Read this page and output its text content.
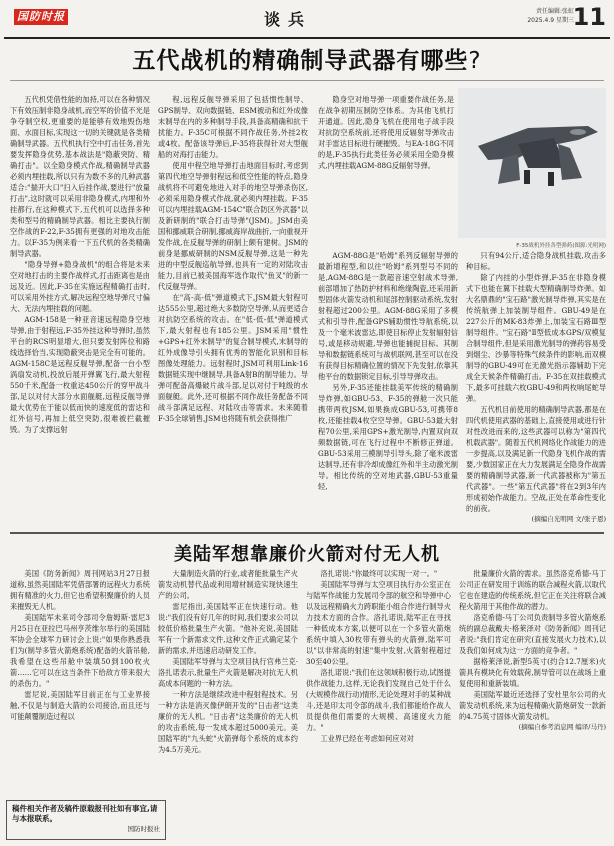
国防时报	谈兵	责任编辑:张虹
2025.4.9 星期三
11
五代战机的精确制导武器有哪些?

五代机凭借性能的加持,可以在各种情况下有效压制非隐身战机,而空军的价值不光是争夺制空权,更重要的是能够有效地毁伤地面、水面目标,实现这一切的关键就是各类精确制导武器。五代机执行空中打击任务,首先要发挥隐身优势,基本战法是"隐蔽突防、精确打击"。以全隐身模式作战,精确制导武器必须内埋挂载,所以只有为数不多的几种武器适合:"揣开大口"扫入后挂作战,要进行"放量打击",这时就可以采用非隐身模式,内埋和外挂都行,在这种模式下,五代机可以选择多种类和型号的精确制导武器。相比主要执行制空作战的F-22,F-35拥有更强的对地攻击能力。以F-35为例来看一下五代机的各类精确制导武器。

"隐身导弹+隐身战机"的组合将是未来空对地打击的主要作战样式,打击距离也是由远及近。因此,F-35在实施远程精确打击时,可以采用外挂方式,解决远程空地导弹尺寸偏大、无法内埋挂载的问题。

AGM-158是一种亚音速远程隐身空地导弹,由于射程远,F-35外挂这种导弹时,虽然平台的RCS明显增大,但只要发射阵位和路线选择恰当,实现隐蔽突击是完全有可能的。AGM-158C是远程反舰导弹,配备一台小型涡扇发动机,投放后展开弹翼飞行,最大射程550千米,配备一枚重达450公斤的穿甲战斗部,足以对付大部分水面舰艇,远程反舰导弹最大优势在于能以低而快的速度低的雷达和红外信号,再加上低空突防,很难被拦截摧毁。为了支撑远射

程,远程反舰导弹采用了包括惯性制导、GPS制导、双向数据链、ESM被动和红外成像末制导在内的多种制导手段,具备高精确和抗干扰能力。F-35C可根据不同作战任务,外挂2枚或4枚。配备该导弹后,F-35将获得针对大型舰船的对海打击能力。

使用中程空地导弹打击地面目标时,考虑到第四代地空导弹射程远和低空性能的特点,隐身战机将不可避免地进入对手的地空导弹杀伤区,必须采用隐身模式作战,就必须内埋挂载。F-35可以内埋挂载AGM-154C"联合防区外武器"以及新研制的"联合打击导弹"(JSM)。JSM由美国和挪威联合研制,挪威海岸战曲折,一向重视开发作战,在反舰导弹的研制上颇有建树。JSM的前身是挪威研制的NSM反舰导弹,这是一种先进的中型反舰巡航导弹,也具有一定的对陆攻击能力,目前已被美国海军选作取代"鱼叉"的新一代反舰导弹。

在"高-高-低"弹道模式下,JSM最大射程可达555公里,超过绝大多数防空导弹,从而更适合对抗防空系统的攻击。在"低-低-低"弹道模式下,最大射程也有185公里。JSM采用"惯性+GPS+红外末制导"的复合制导模式,末制导的红外成像导引头拥有优秀的智能化识别和目标图像处理能力。远射程时,JSM可利用Link-16数据链实现中继制导,具备A射B的制导能力。导弹可配备高爆破片战斗部,足以对付于吨级的水面舰艇。此外,还可根据不同作战任务配备不同战斗部满足远程、对陆攻击等需求。未来随着F-35全球销售,JSM也将随有机会获得推广

隐身空对地导弹一项重要作战任务,是在战争初期压制防空体系。为其他飞机打开通道。因此,隐身飞机在使用电子战手段对抗防空系统前,还将使用反辐射导弹攻击对手雷达目标进行硬摧毁。与EA-18G不同的是,F-35执行此类任务必须采用全隐身模式,内埋挂载AGM-88G反辐射导弹。

F-35战机外挂各型弹药(图源:光明网)

AGM-88G是"哈姆"系列反辐射导弹的最新增程型,和以往"哈姆"系列型号不同的是,AGM-88G是一款超音速空射战术导弹,前部增加了热防护材料和绝缘陶瓷,还采用新型固体火箭发动机和尾部控制驱动系统,发射射程超过200公里。AGM-88G采用了多模式和引导件,配备GPS辅助惯性导航系统,以及一个毫米波雷达,即使目标停止发射辐射信号,或是移动规避,导弹也能捕捉目标。其制导和数据链系统可与战机联网,甚至可以在没有获得目标精确位置的情况下先发射,依靠其他平台的数据锁定目标,引导导弹攻击。

另外,F-35还能挂载美军传统的精确制导炸弹,如GBU-53、F-35的弹舱一次只能携带两枚JSM,如果换成GBU-53,可携带8枚,还能挂载4枚空空导弹。GBU-53最大射程70公里,采用GPS+激光制导,内置双向双频数据链,可在飞行过程中不断修正弹道。GBU-53采用三模制导引导头,除了毫米波雷达制导,还有非冷却成像红外和半主动激光制导。相比传统的空对地武器,GBU-53重量轻,

只有94公斤,适合隐身战机挂载,攻击多种目标。

除了内挂的小型炸弹,F-35在非隐身模式下也能在翼下挂载大型精确制导炸弹。如大名鼎鼎的"宝石路"激光制导炸弹,其实是在传统航弹上加装制导组件。GBU-49是在227公斤的MK-83炸弹上,加装宝石路Ⅲ型制导组件。"宝石路"Ⅱ型低成本GPS/双模复合制导组件,但是采用激光制导的弹药容易受到烟尘、沙暴等特殊气候条件的影响,而双模制导的GBU-49可在无激光指示器辅助下完成全天候条件精确打击。F-35在双挂载模式下,最多可挂载六枚GBU-49和两枚响尾蛇导弹。

五代机目前使用的精确制导武器,都是在四代机使用武器的基础上,直接使用或进行针对性改进而来的,这些武器可以称为"第四代机载武器"。随着五代机网络化作战能力的进一步提高,以及满足新一代隐身飞机作战的需要,少数国家正在大力发展满足全隐身作战需要的精确制导武器,新一代武器被称为"第五代武器"。一些"第五代武器"将在2到3年内形成初始作战能力。空战,正处在革命性变化的前夜。

(摘编自光明网 文/张子恩)
美陆军想靠廉价火箭对付无人机

美国《防务新闻》周刊网站3月27日报道称,虽然美国陆军凭借部署的远程火力系统拥有精准的火力,但它也希望积聚廉价的人员来摧毁无人机。

美国陆军未来司令部司令詹姆斯·雷尼3月25日在亚拉巴马州亨茨维尔举行的美国陆军协会全球军力研讨会上说:"如果你熟悉我们为(制导多管火箭炮系统)配备的火箭吊舱,我希望在这些吊舱中装填50到100枚火箭……它可以在这当条件下给敌方带来很大的杀伤力。"

雷尼说,美国陆军目前正在与工业界接触,不仅是与制造大箭的公司接洽,而且还与可能颠覆制造过程以

大量制造火箭的行业,或者能批量生产火箭发动机替代品或利用增材制造实现快速生产的公司。

雷尼指出,美国陆军正在快速行动。他说:"我们没有好几年的时间,我们要求公司以较低价格批量生产火箭。"他补充说,美国陆军有一个新需求文件,这种文件正式确定某个新的需求,并迅速启动研发工作。

美国陆军导弹与太空项目执行官弗兰克·洛扎诺表示,批量生产火箭是解决对抗无人机高成本问题的一种方法。

一种方法是继续改进中程射程技术。另一种方法是消灭像伊朗开发的"日击者"这类廉价的无人机。"日击者"这类廉价的无人机的攻击系统,每一发成本超过5000美元。美国陆军的"九头蛇"火箭弹每个系统的成本约为4.5万美元。

洛扎诺说:"你最终可以实现一对一。"

美国陆军导弹与太空项目执行办公室正在与陆军作战能力发展司令部的航空和导弹中心以及远程精确火力跨职能小组合作进行制导火力技术方面的合作。洛扎诺说,陆军正在寻找一种低成本方案,以便可以在一个多管火箭炮系统中填入30枚带有弹头的火箭弹,陆军可以"以非常高的射速"集中发射,火箭射程超过30至40公里。

洛扎诺说:"我们在这领域积极行动,试图提供作战能力,这样,无论我们发现自己处于什么(大规模作战行动)情形,无论处理对手的某种战斗,还是印太司令部的战斗,我们都能给作战人员提供他们需要的大规模、高速度火力能力。"

工业界已经在考虑如何应对对

批量廉价火箭的需求。虽然洛克希德-马丁公司正在研发用于训练的联合减程火箭,以取代它也在建造的传统系统,但它正在关注将联合减程火箭用于其他作战的潜力。

洛克希德-马丁公司负责制导多管火箭炮系统的副总裁戴夫·格莱泽对《防务新闻》周刊记者说:"我们肯定在研究(直接发展火力技术),以及我们如何成为这一方面的竞争者。"

据格莱泽说,新型5英寸(约合12.7厘米)火箭具有模块化有效载荷,制导管可以在战场上重复使用和重新装填。

美国陆军最近还选择了安杜里尔公司的火箭发动机系统,来为远程精确火箭炮研发一款新的4.75英寸固体火箭发动机。

(摘编自参考消息网 编译/马丹)
稿件相关作者及稿件原载报刊社如有事宜,请与本报联系。
国防时报社
